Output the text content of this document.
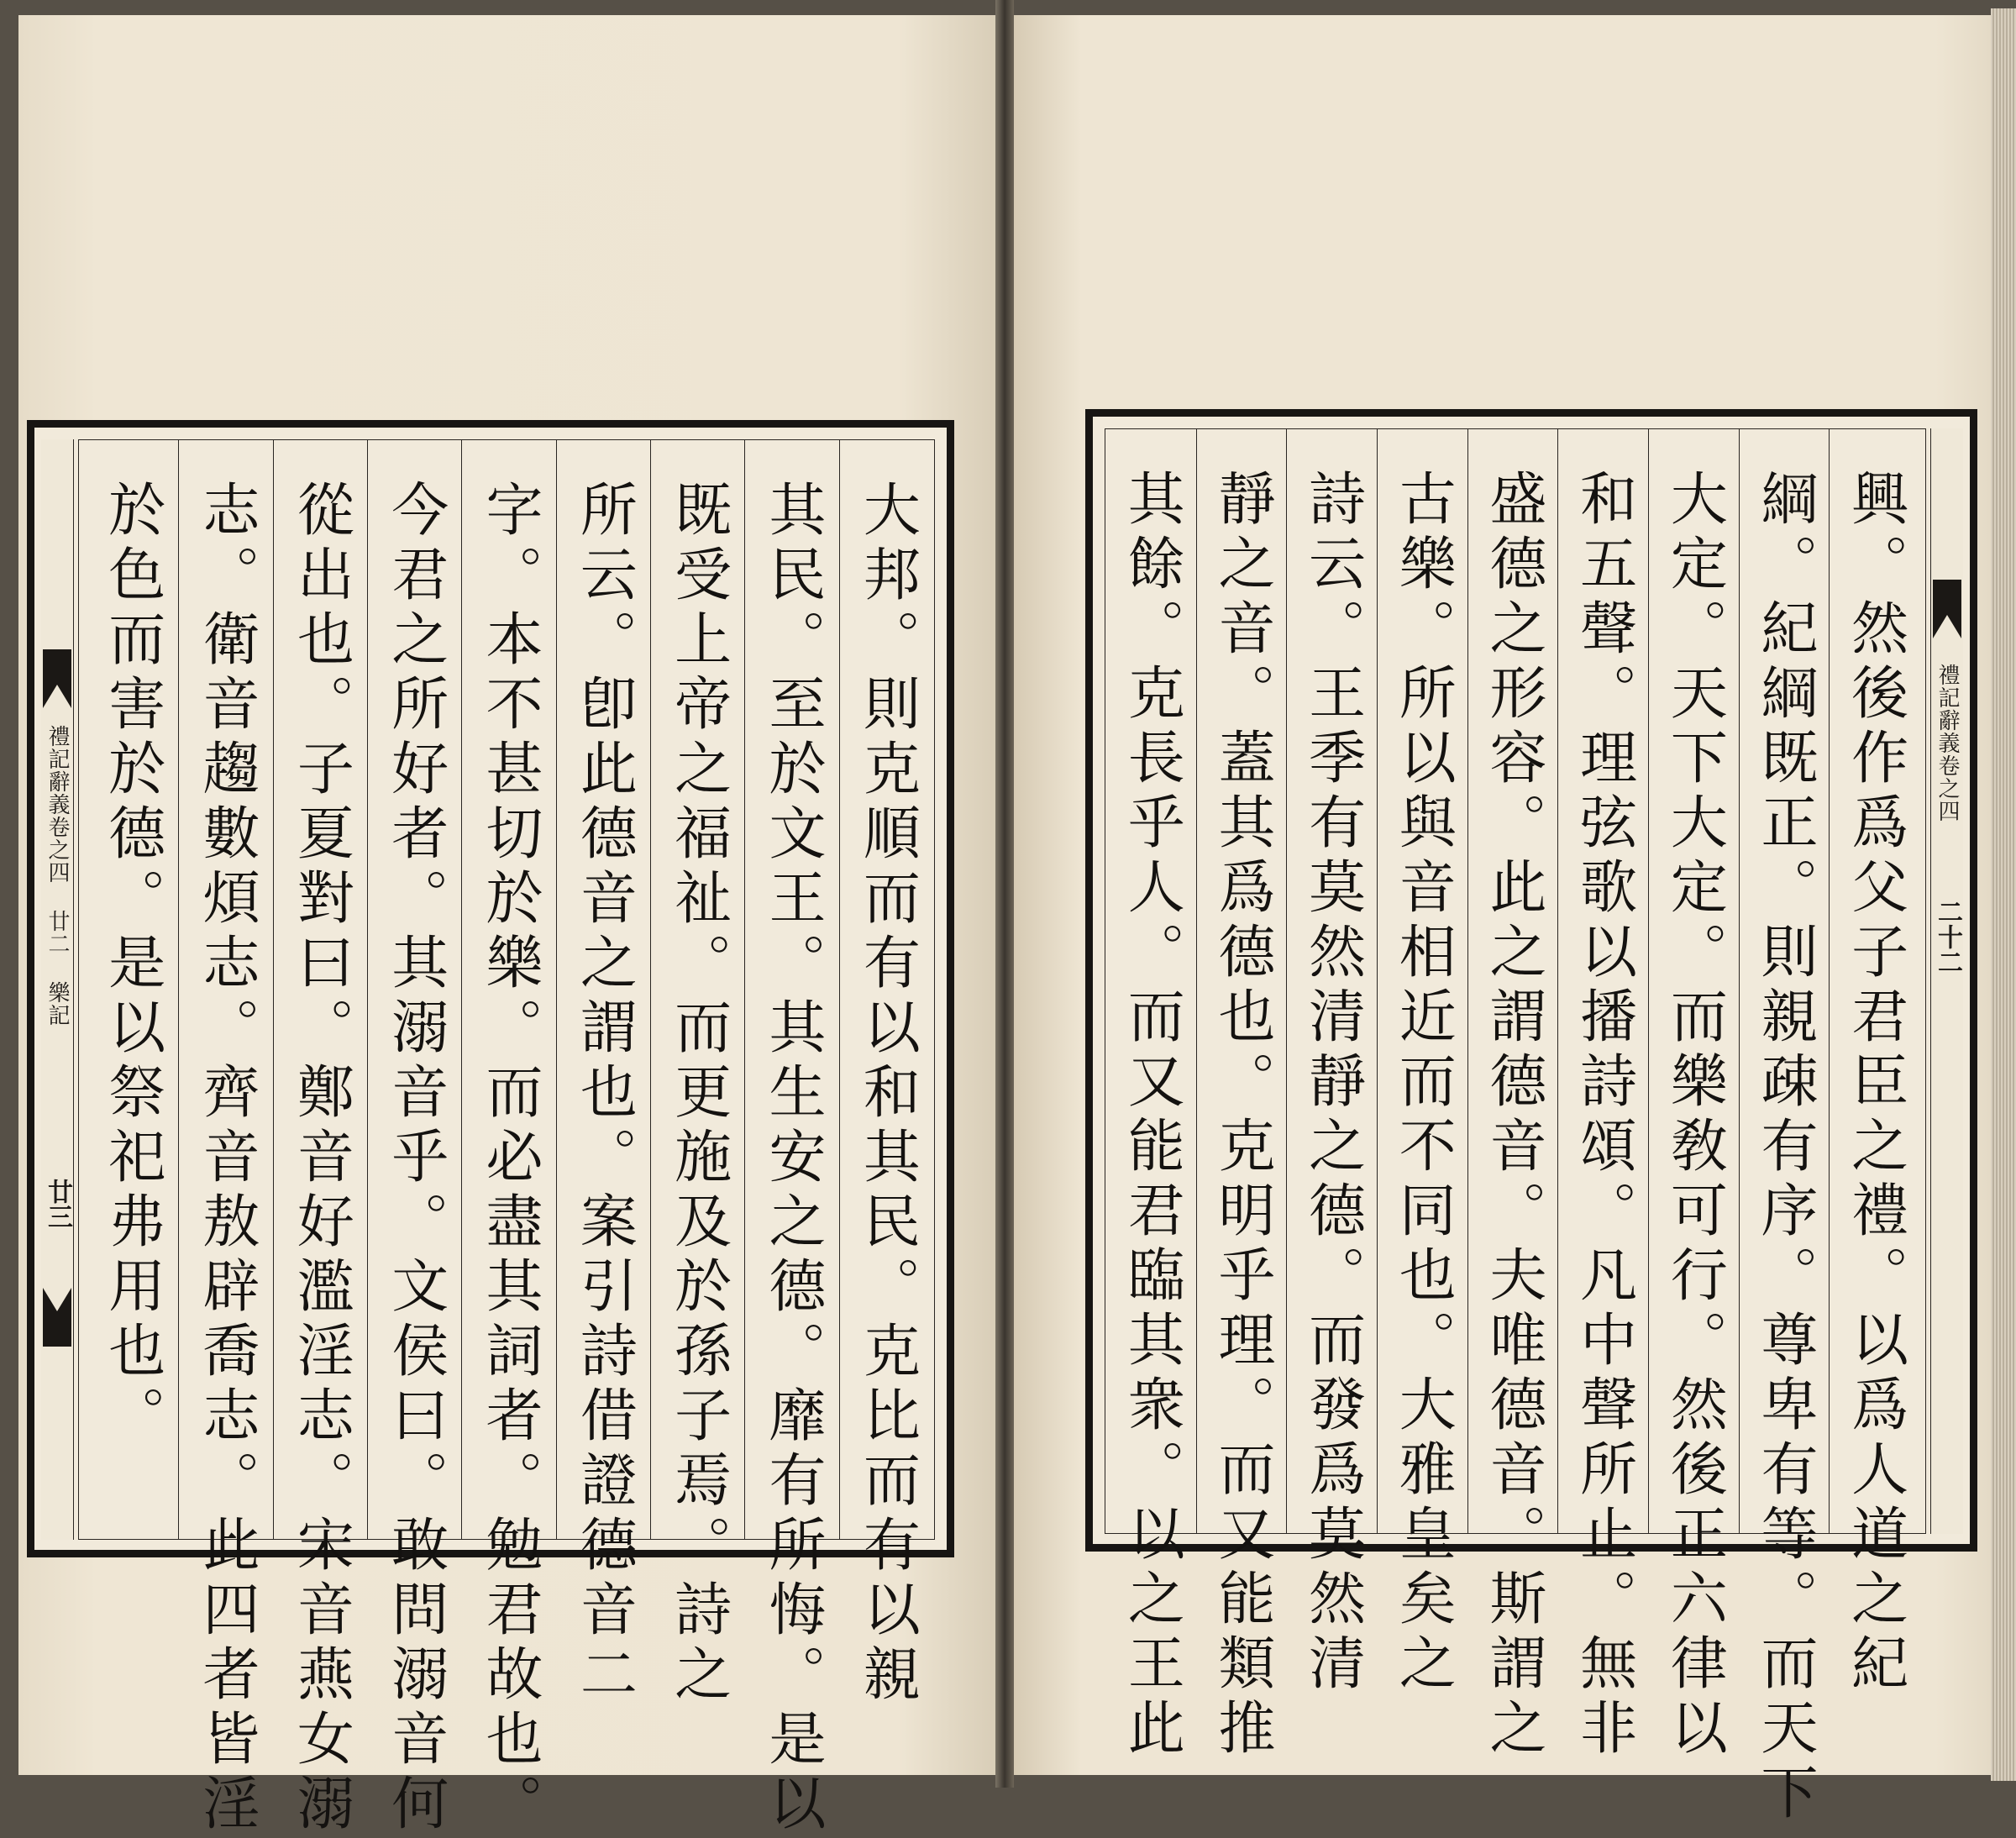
禮記辭義卷之四 廿二 樂記
廿三	大邦。則克順而有以和其民。克比而有以親
其民。至於文王。其生安之德。靡有所悔。是以
既受上帝之福祉。而更施及於孫子焉。詩之
所云。卽此德音之謂也。案引詩借證德音二
字。本不甚切於樂。而必盡其詞者。勉君故也。
今君之所好者。其溺音乎。文侯曰。敢問溺音何
從出也。子夏對曰。鄭音好濫淫志。宋音燕女溺
志。衛音趨數煩志。齊音敖辟喬志。此四者皆淫
於色而害於德。是以祭祀弗用也。	禮記辭義卷之四
二十二
興。然後作爲父子君臣之禮。以爲人道之紀
綱。紀綱既正。則親疎有序。尊卑有等。而天下
大定。天下大定。而樂敎可行。然後正六律以
和五聲。理弦歌以播詩頌。凡中聲所止。無非
盛德之形容。此之謂德音。夫唯德音。斯謂之
古樂。所以與音相近而不同也。大雅皇矣之
詩云。王季有莫然清靜之德。而發爲莫然清
靜之音。蓋其爲德也。克明乎理。而又能類推
其餘。克長乎人。而又能君臨其衆。以之王此
